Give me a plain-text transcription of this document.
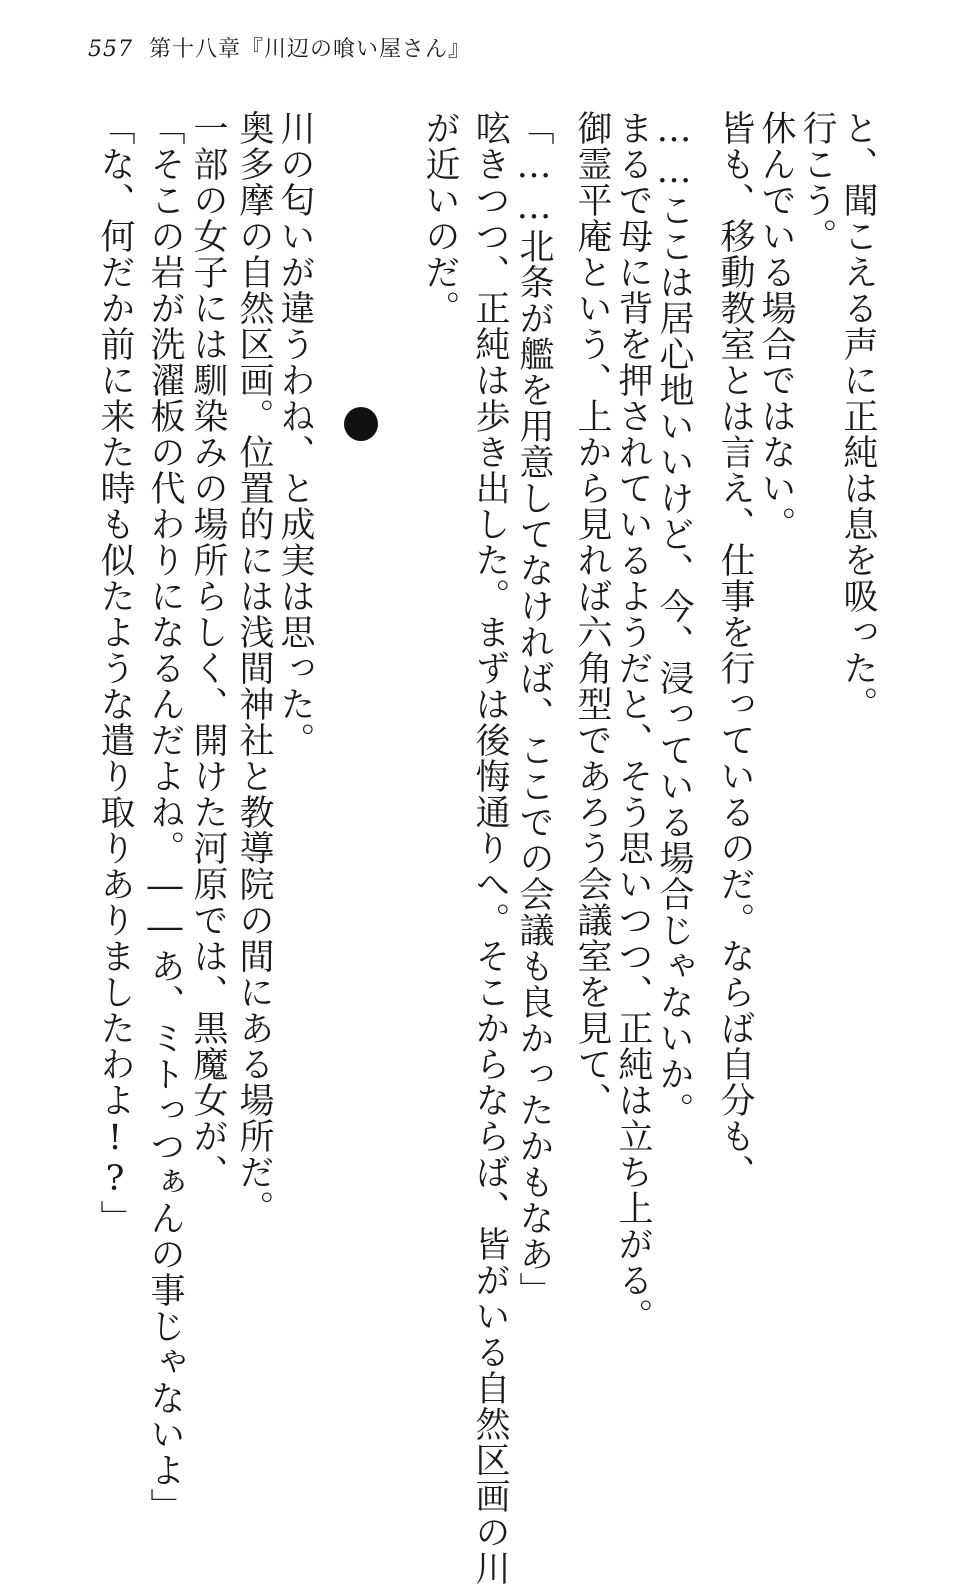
557 第十八章『川辺の喰い屋さん』
と、聞こえる声に正純は息を吸った。
行こう。
休んでいる場合ではない。
皆も、移動教室とは言え、仕事を行っているのだ。ならば自分も、
……ここは居心地いいけど、今、浸っている場合じゃないか。
まるで母に背を押されているようだと、そう思いつつ、正純は立ち上がる。
御霊平庵という、上から見れば六角型であろう会議室を見て、
「……北条が艦を用意してなければ、ここでの会議も良かったかもなあ」
呟きつつ、正純は歩き出した。まずは後悔通りへ。そこからならば、皆がいる自然区画の川
が近いのだ。
川の匂いが違うわね、と成実は思った。
奥多摩の自然区画。位置的には浅間神社と教導院の間にある場所だ。
一部の女子には馴染みの場所らしく、開けた河原では、黒魔女が、
「そこの岩が洗濯板の代わりになるんだよね。――あ、ミトっつぁんの事じゃないよ」
「な、何だか前に来た時も似たような遣り取りありましたわよ!?」
